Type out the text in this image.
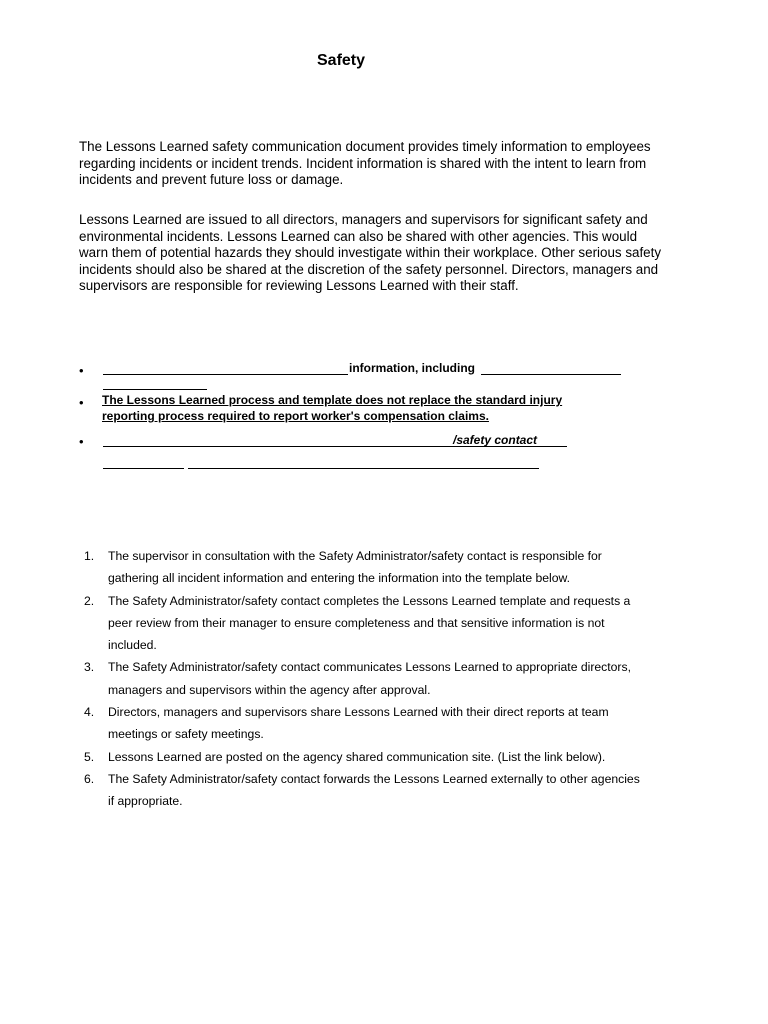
Safety
The Lessons Learned safety communication document provides timely information to employees regarding incidents or incident trends. Incident information is shared with the intent to learn from incidents and prevent future loss or damage.
Lessons Learned are issued to all directors, managers and supervisors for significant safety and environmental incidents. Lessons Learned can also be shared with other agencies. This would warn them of potential hazards they should investigate within their workplace. Other serious safety incidents should also be shared at the discretion of the safety personnel. Directors, managers and supervisors are responsible for reviewing Lessons Learned with their staff.
•	information, including
• The Lessons Learned process and template does not replace the standard injury
reporting process required to report worker's compensation claims.
•	/safety contact
1. The supervisor in consultation with the Safety Administrator/safety contact is responsible for gathering all incident information and entering the information into the template below.
2. The Safety Administrator/safety contact completes the Lessons Learned template and requests a peer review from their manager to ensure completeness and that sensitive information is not included.
3. The Safety Administrator/safety contact communicates Lessons Learned to appropriate directors, managers and supervisors within the agency after approval.
4. Directors, managers and supervisors share Lessons Learned with their direct reports at team meetings or safety meetings.
5. Lessons Learned are posted on the agency shared communication site. (List the link below).
6. The Safety Administrator/safety contact forwards the Lessons Learned externally to other agencies if appropriate.
